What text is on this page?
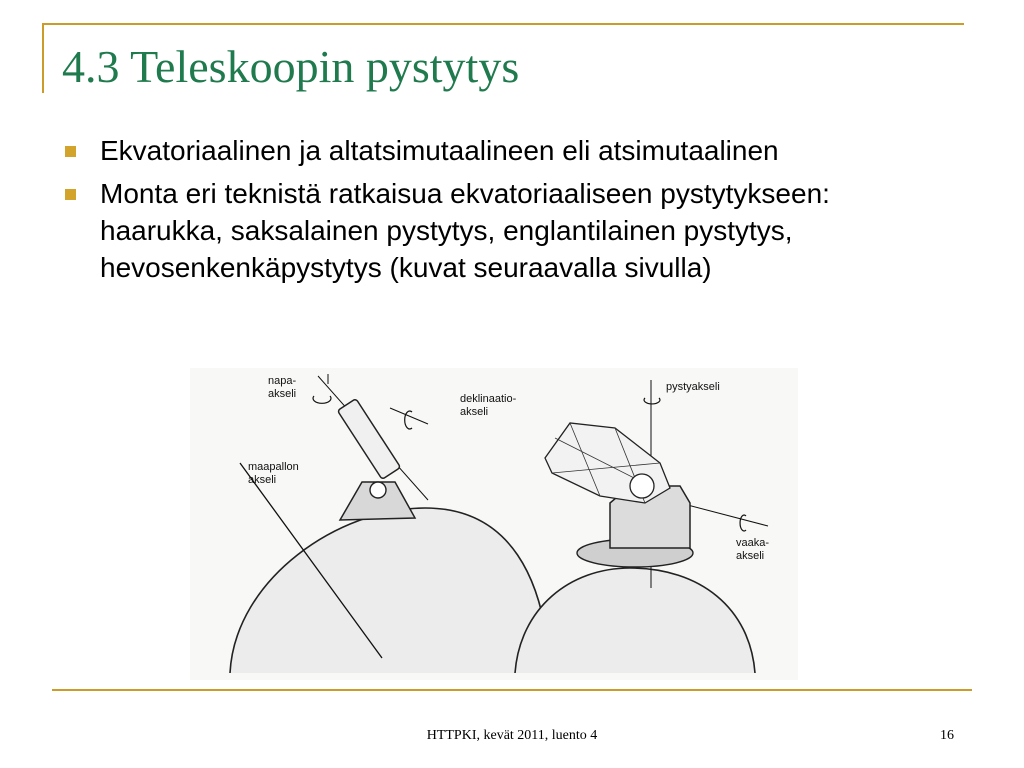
4.3 Teleskoopin pystytys
Ekvatoriaalinen ja altatsimutaalineen eli atsimutaalinen
Monta eri teknistä ratkaisua ekvatoriaaliseen pystytykseen: haarukka, saksalainen pystytys, englantilainen pystytys, hevosenkenkäpystytys (kuvat seuraavalla sivulla)
napa-
akseli	deklinaatio-
akseli
maapallon
akseli
pystyakseli
vaaka-
akseli
HTTPKI, kevät 2011, luento 4	16
